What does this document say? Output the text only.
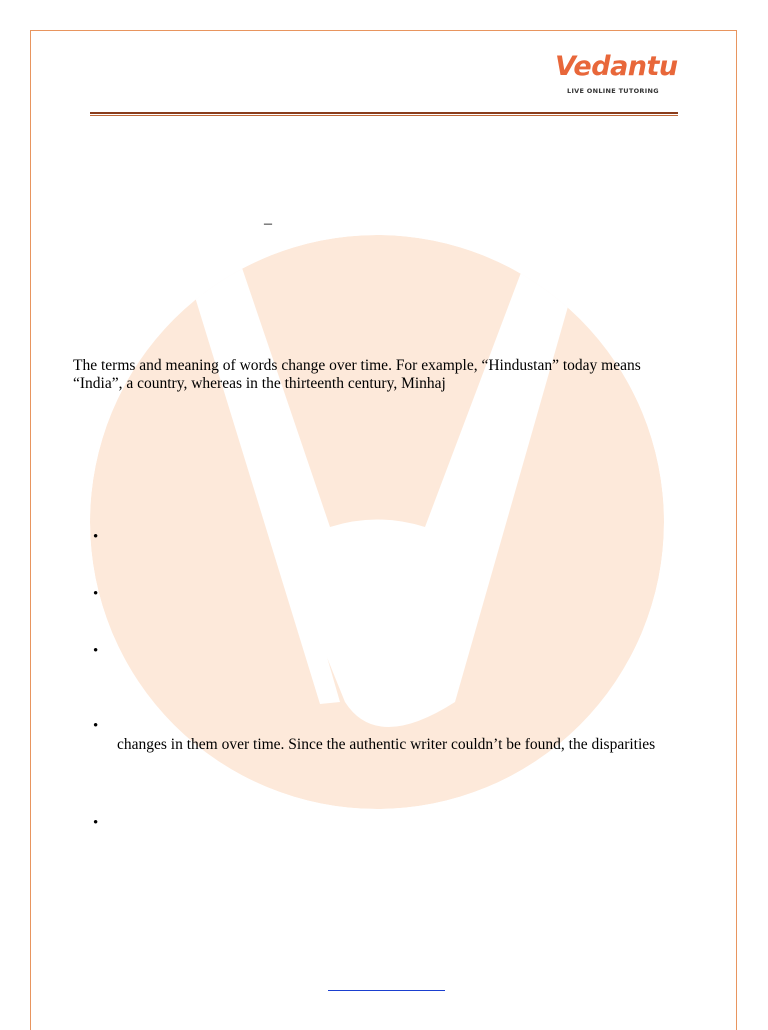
Vedantu
LIVE ONLINE TUTORING
–
The terms and meaning of words change over time. For example, “Hindustan” today means
“India”, a country, whereas in the thirteenth century, Minhaj
•
•
•
•
changes in them over time. Since the authentic writer couldn’t be found, the disparities
•
